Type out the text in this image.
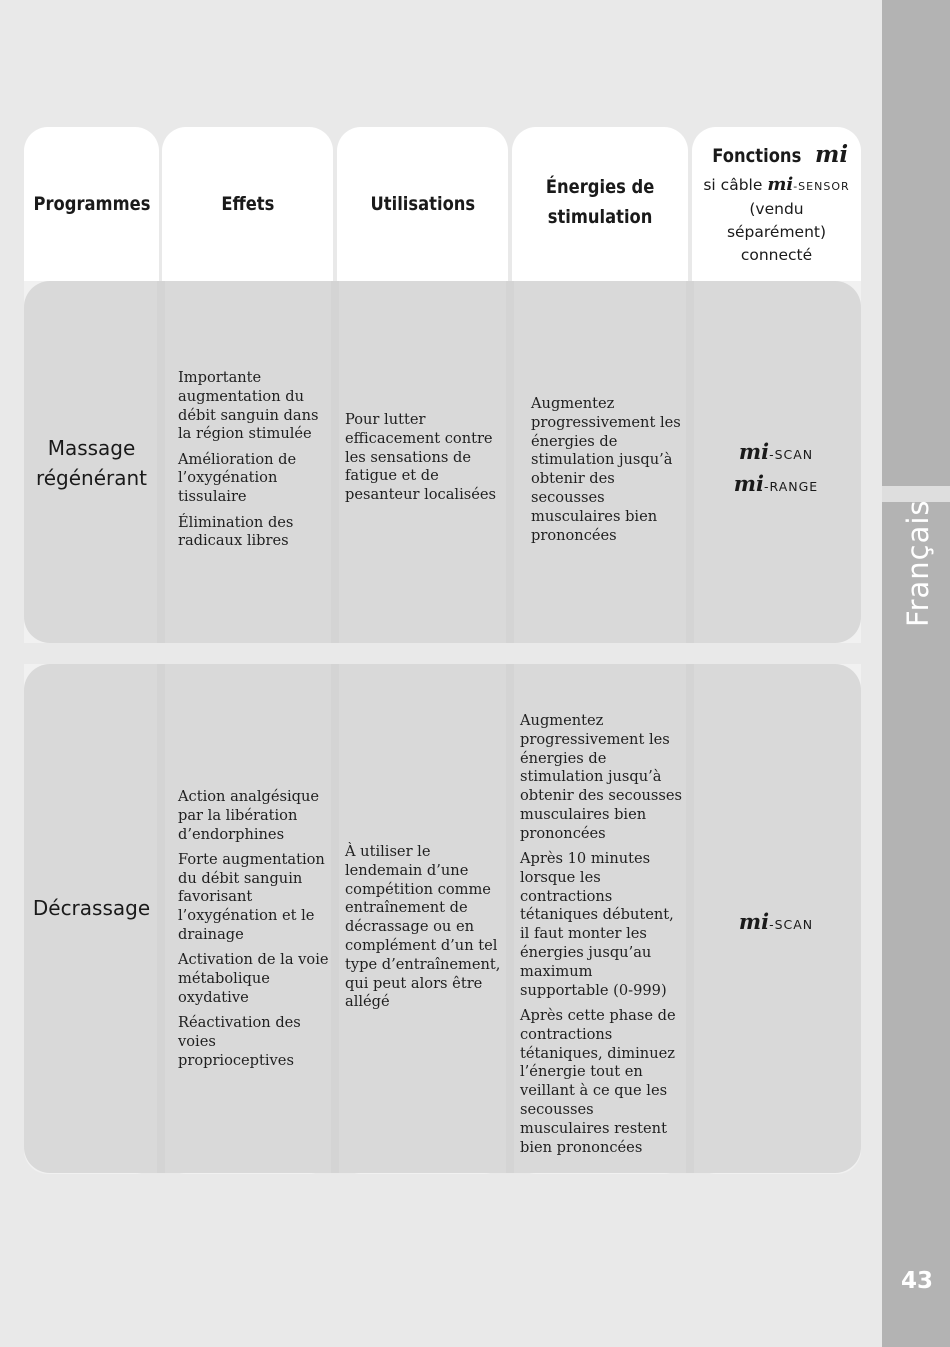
Français
43
Programmes	Effets	Utilisations
Énergies de
stimulation
Fonctions mi
si câble mi-SENSOR
(vendu
séparément)
connecté
Massage
régénérant

Importante augmentation du débit sanguin dans la région stimulée

Amélioration de l’oxygénation tissulaire

Élimination des radicaux libres

Pour lutter efficacement contre les sensations de fatigue et de pesanteur localisées

Augmentez progressivement les énergies de stimulation jusqu’à obtenir des secousses musculaires bien prononcées

mi-SCAN
mi-RANGE
Décrassage

Action analgésique par la libération d’endorphines

Forte augmentation du débit sanguin favorisant l’oxygénation et le drainage

Activation de la voie métabolique oxydative

Réactivation des voies proprioceptives

À utiliser le lendemain d’une compétition comme entraînement de décrassage ou en complément d’un tel type d’entraînement, qui peut alors être allégé

Augmentez progressivement les énergies de stimulation jusqu’à obtenir des secousses musculaires bien prononcées

Après 10 minutes lorsque les contractions tétaniques débutent, il faut monter les énergies jusqu’au maximum supportable (0-999)

Après cette phase de contractions tétaniques, diminuez l’énergie tout en veillant à ce que les secousses musculaires restent bien prononcées

mi-SCAN
